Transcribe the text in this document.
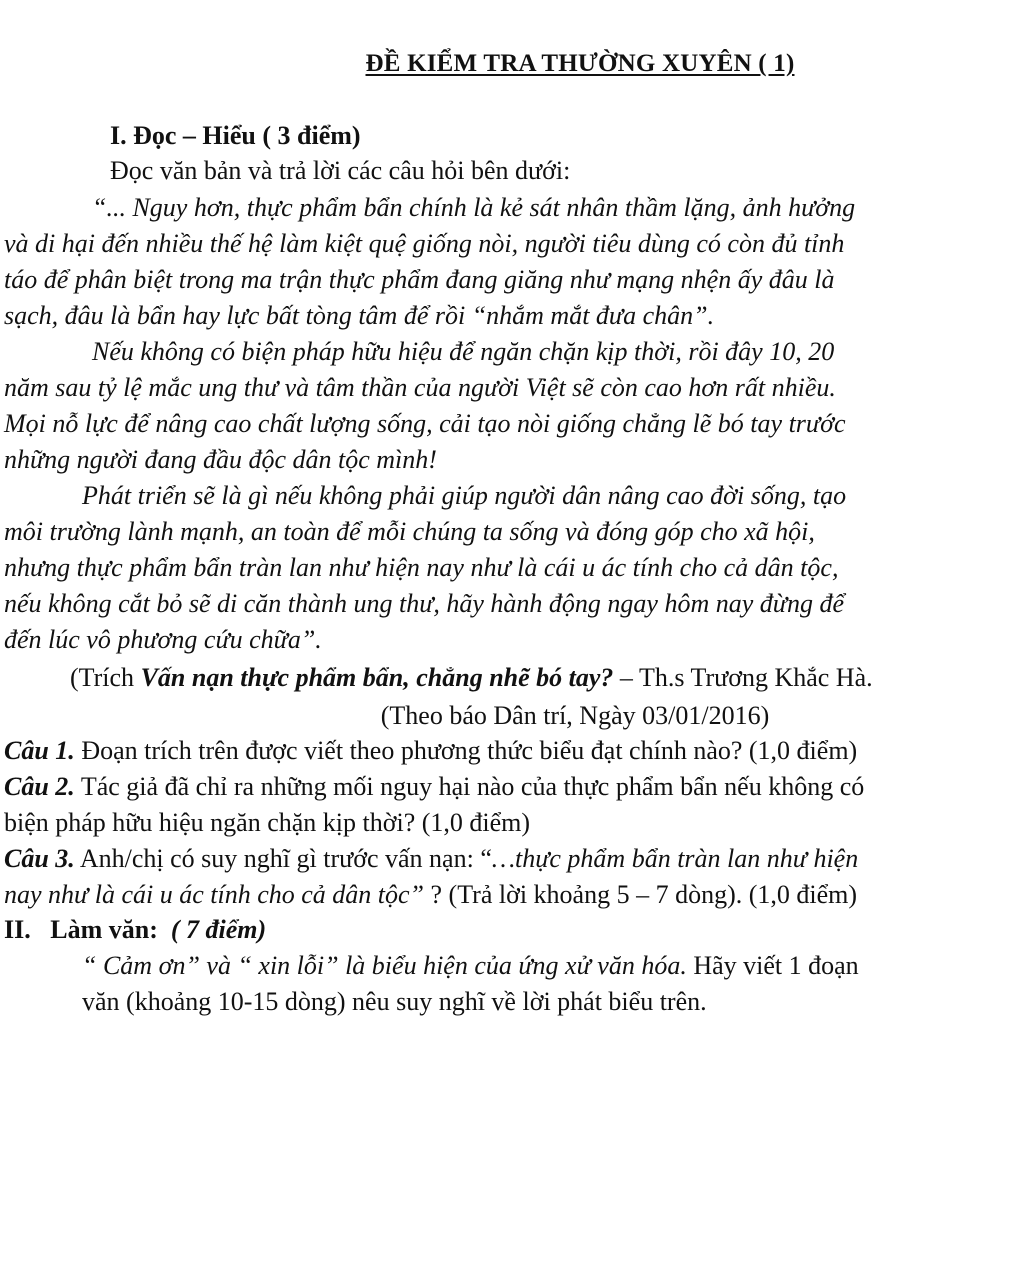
ĐỀ KIỂM TRA THƯỜNG XUYÊN ( 1)
I. Đọc – Hiểu ( 3 điểm)
Đọc văn bản và trả lời các câu hỏi bên dưới:
“... Nguy hơn, thực phẩm bẩn chính là kẻ sát nhân thầm lặng, ảnh hưởng
và di hại đến nhiều thế hệ làm kiệt quệ giống nòi, người tiêu dùng có còn đủ tỉnh
táo để phân biệt trong ma trận thực phẩm đang giăng như mạng nhện ấy đâu là
sạch, đâu là bẩn hay lực bất tòng tâm để rồi “nhắm mắt đưa chân”.
Nếu không có biện pháp hữu hiệu để ngăn chặn kịp thời, rồi đây 10, 20
năm sau tỷ lệ mắc ung thư và tâm thần của người Việt sẽ còn cao hơn rất nhiều.
Mọi nỗ lực để nâng cao chất lượng sống, cải tạo nòi giống chẳng lẽ bó tay trước
những người đang đầu độc dân tộc mình!
Phát triển sẽ là gì nếu không phải giúp người dân nâng cao đời sống, tạo
môi trường lành mạnh, an toàn để mỗi chúng ta sống và đóng góp cho xã hội,
nhưng thực phẩm bẩn tràn lan như hiện nay như là cái u ác tính cho cả dân tộc,
nếu không cắt bỏ sẽ di căn thành ung thư, hãy hành động ngay hôm nay đừng để
đến lúc vô phương cứu chữa”.
(Trích Vấn nạn thực phẩm bẩn, chẳng nhẽ bó tay? – Th.s Trương Khắc Hà.
(Theo báo Dân trí, Ngày 03/01/2016)
Câu 1. Đoạn trích trên được viết theo phương thức biểu đạt chính nào? (1,0 điểm)
Câu 2. Tác giả đã chỉ ra những mối nguy hại nào của thực phẩm bẩn nếu không có
biện pháp hữu hiệu ngăn chặn kịp thời? (1,0 điểm)
Câu 3. Anh/chị có suy nghĩ gì trước vấn nạn: “…thực phẩm bẩn tràn lan như hiện
nay như là cái u ác tính cho cả dân tộc” ? (Trả lời khoảng 5 – 7 dòng). (1,0 điểm)
II.   Làm văn:  ( 7 điểm)
“ Cảm ơn” và “ xin lỗi” là biểu hiện của ứng xử văn hóa. Hãy viết 1 đoạn
văn (khoảng 10-15 dòng) nêu suy nghĩ về lời phát biểu trên.
